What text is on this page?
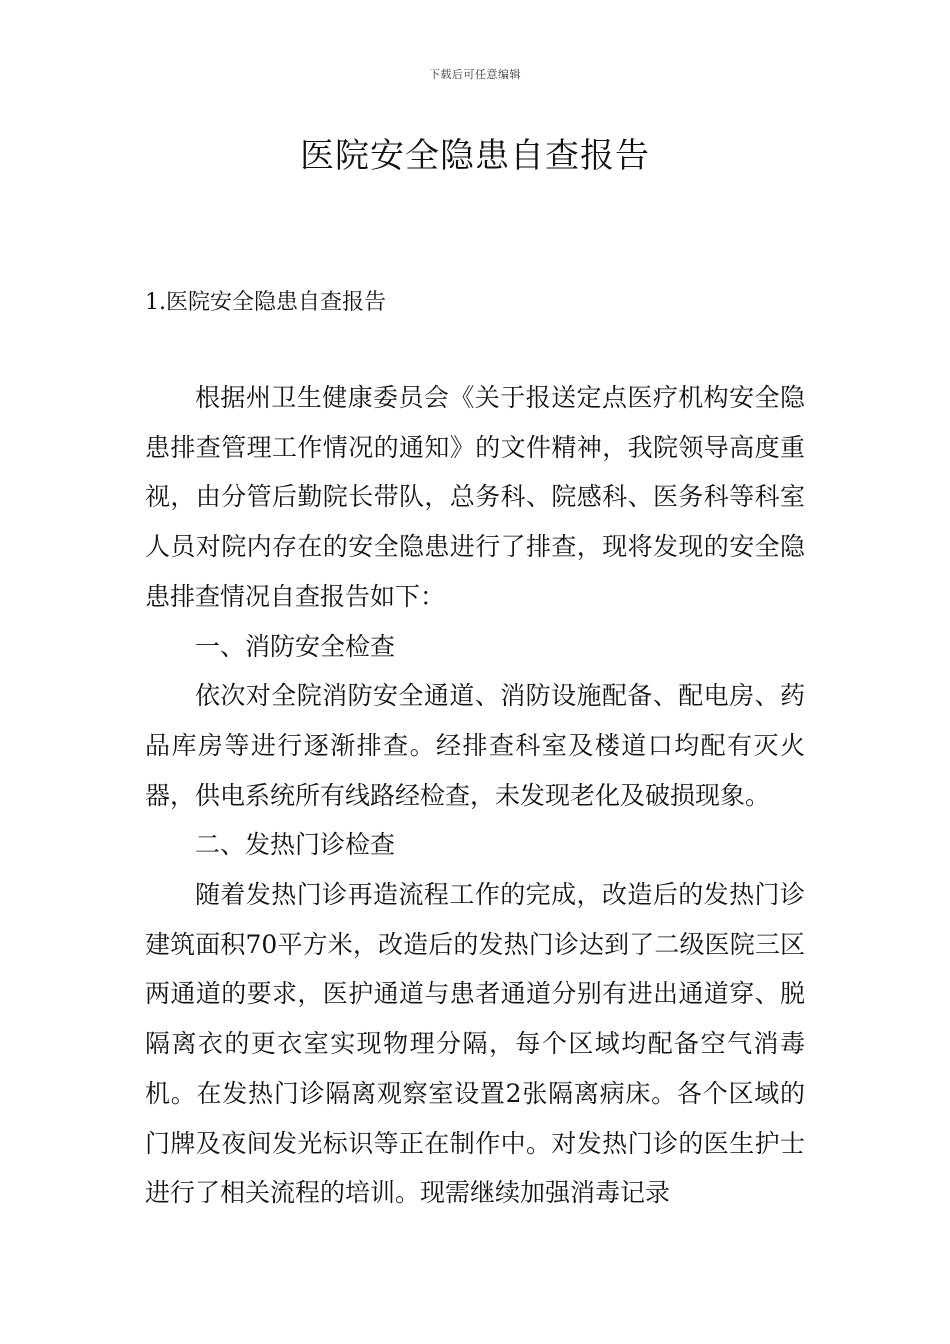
下载后可任意编辑
医院安全隐患自查报告
1.医院安全隐患自查报告

根据州卫生健康委员会《关于报送定点医疗机构安全隐患排查管理工作情况的通知》的文件精神，我院领导高度重视，由分管后勤院长带队，总务科、院感科、医务科等科室人员对院内存在的安全隐患进行了排查，现将发现的安全隐患排查情况自查报告如下：

一、消防安全检查

依次对全院消防安全通道、消防设施配备、配电房、药品库房等进行逐渐排查。经排查科室及楼道口均配有灭火器，供电系统所有线路经检查，未发现老化及破损现象。

二、发热门诊检查

随着发热门诊再造流程工作的完成，改造后的发热门诊建筑面积70平方米，改造后的发热门诊达到了二级医院三区两通道的要求，医护通道与患者通道分别有进出通道穿、脱隔离衣的更衣室实现物理分隔，每个区域均配备空气消毒机。在发热门诊隔离观察室设置2张隔离病床。各个区域的门牌及夜间发光标识等正在制作中。对发热门诊的医生护士进行了相关流程的培训。现需继续加强消毒记录
